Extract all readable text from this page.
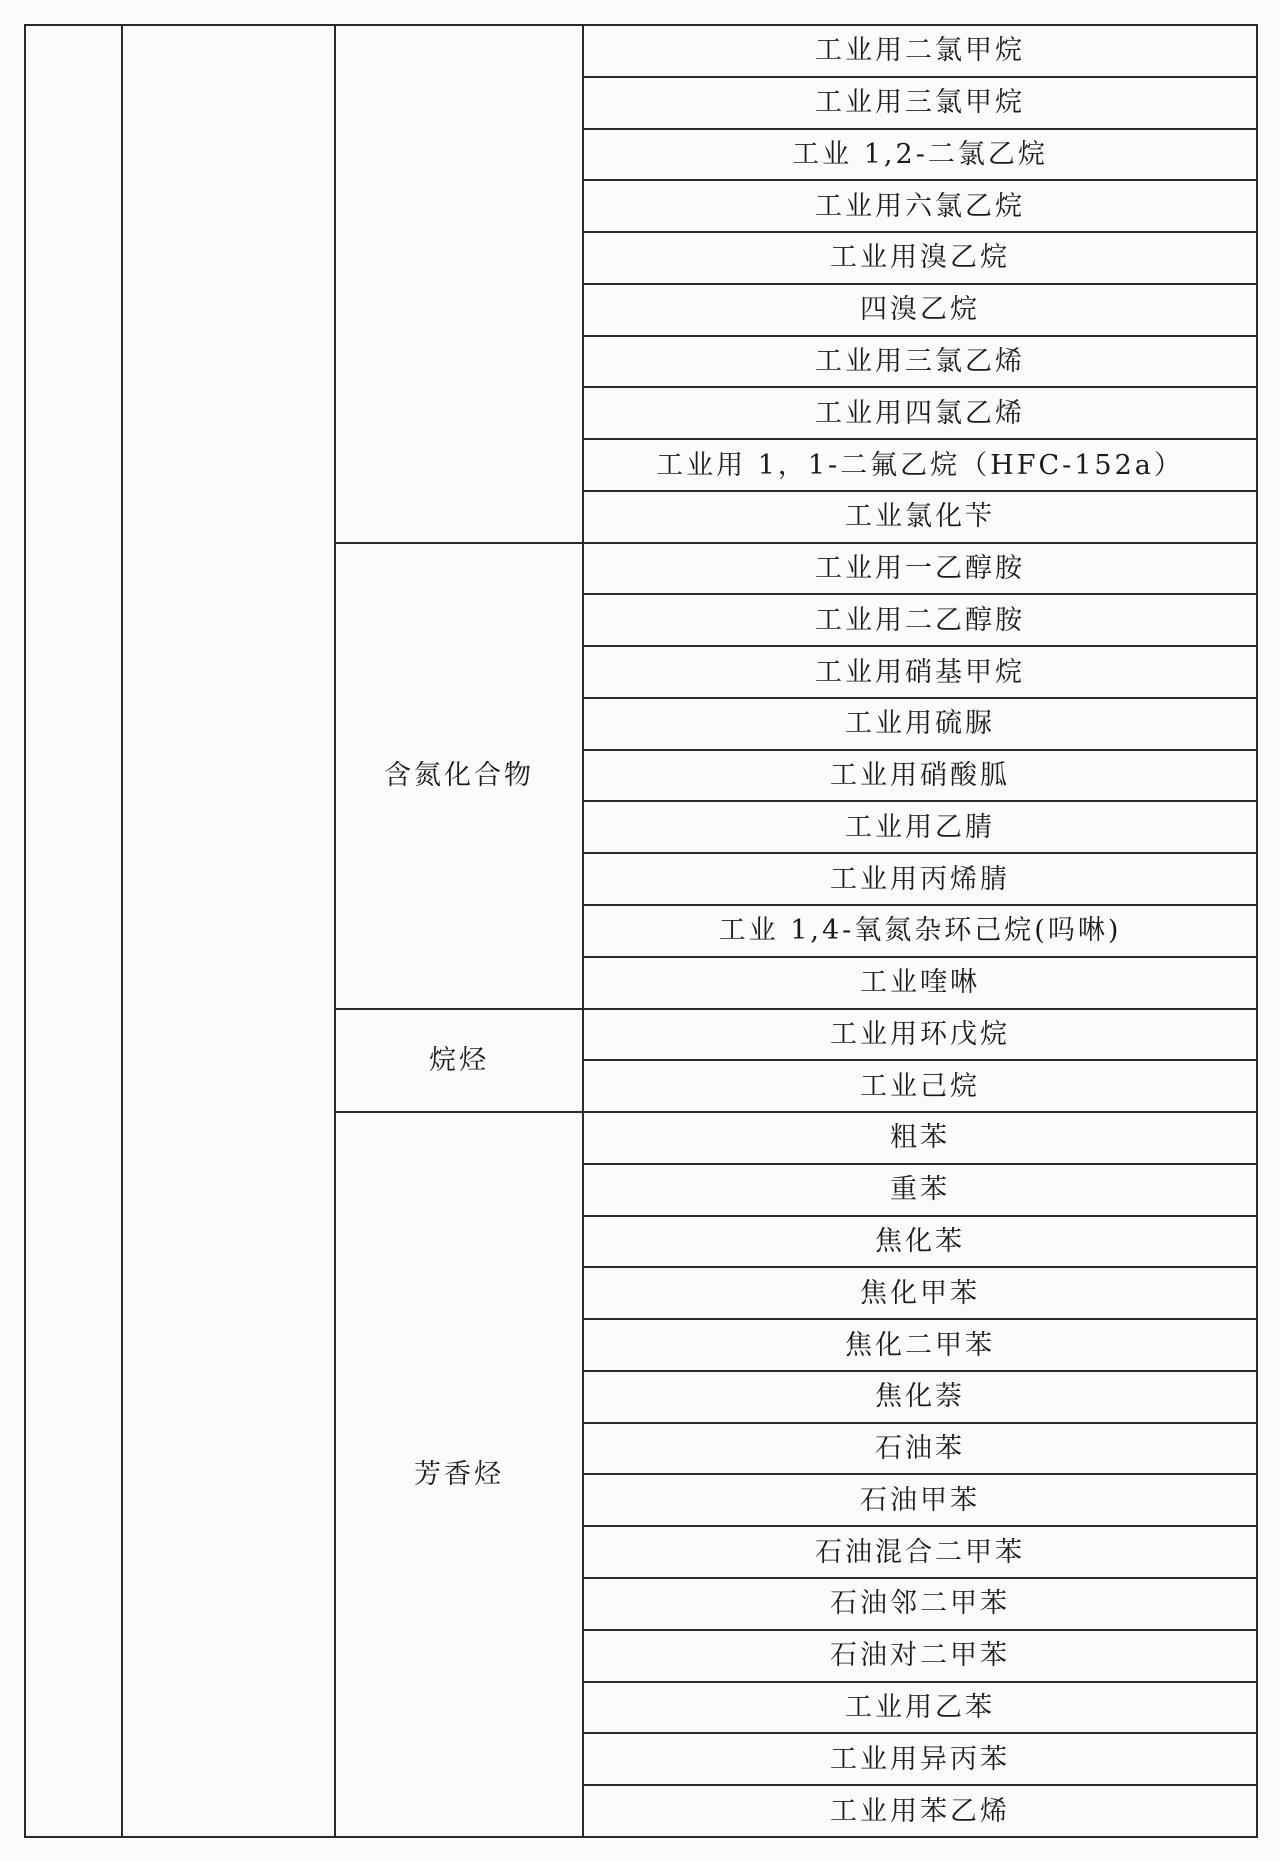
			工业用二氯甲烷
			工业用三氯甲烷
			工业 1,2-二氯乙烷
			工业用六氯乙烷
			工业用溴乙烷
			四溴乙烷
			工业用三氯乙烯
			工业用四氯乙烯
			工业用 1，1-二氟乙烷（HFC-152a）
			工业氯化苄
		含氮化合物	工业用一乙醇胺
			工业用二乙醇胺
			工业用硝基甲烷
			工业用硫脲
			工业用硝酸胍
			工业用乙腈
			工业用丙烯腈
			工业 1,4-氧氮杂环己烷(吗啉)
			工业喹啉
		烷烃	工业用环戊烷
			工业己烷
		芳香烃	粗苯
			重苯
			焦化苯
			焦化甲苯
			焦化二甲苯
			焦化萘
			石油苯
			石油甲苯
			石油混合二甲苯
			石油邻二甲苯
			石油对二甲苯
			工业用乙苯
			工业用异丙苯
			工业用苯乙烯
